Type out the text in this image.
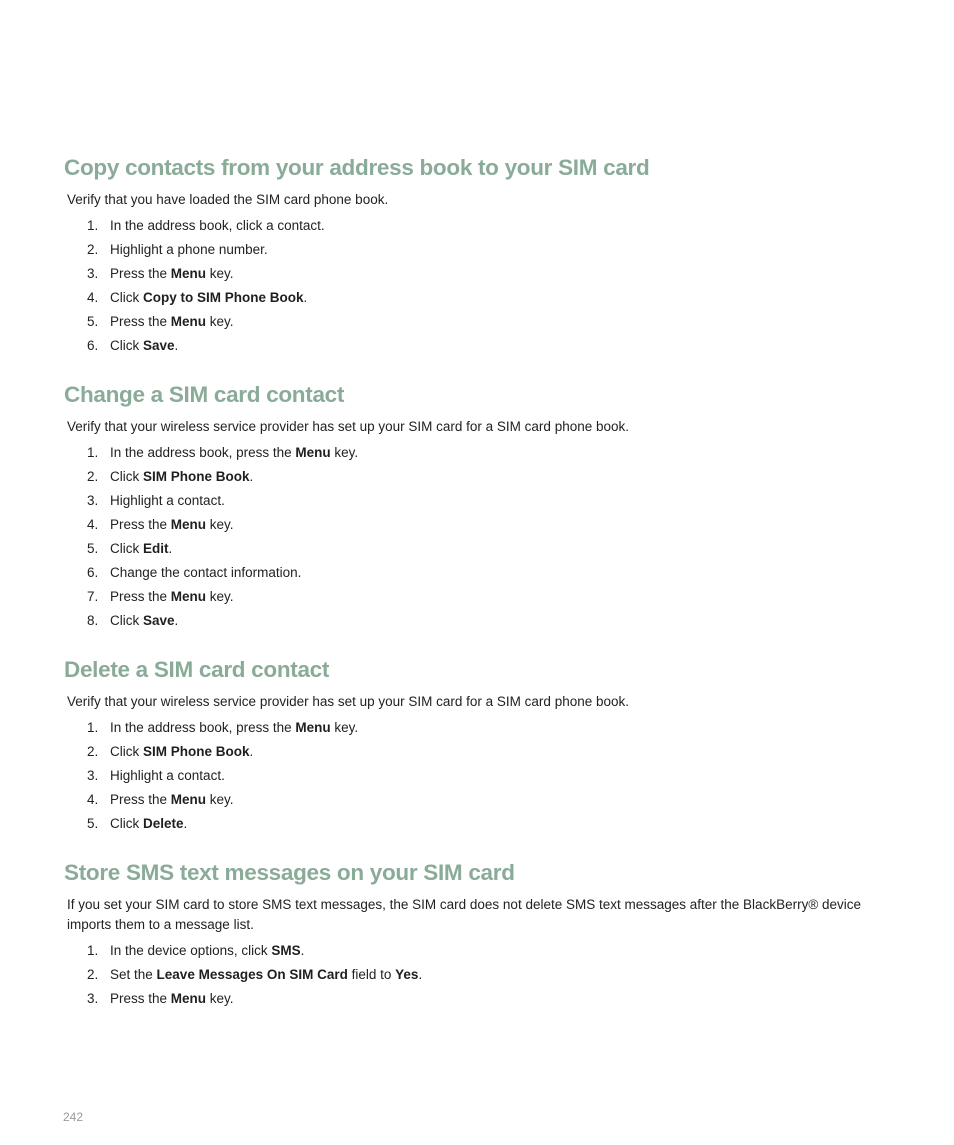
Copy contacts from your address book to your SIM card

Verify that you have loaded the SIM card phone book.

1. In the address book, click a contact.
2. Highlight a phone number.
3. Press the Menu key.
4. Click Copy to SIM Phone Book.
5. Press the Menu key.
6. Click Save.
Change a SIM card contact

Verify that your wireless service provider has set up your SIM card for a SIM card phone book.

1. In the address book, press the Menu key.
2. Click SIM Phone Book.
3. Highlight a contact.
4. Press the Menu key.
5. Click Edit.
6. Change the contact information.
7. Press the Menu key.
8. Click Save.
Delete a SIM card contact

Verify that your wireless service provider has set up your SIM card for a SIM card phone book.

1. In the address book, press the Menu key.
2. Click SIM Phone Book.
3. Highlight a contact.
4. Press the Menu key.
5. Click Delete.
Store SMS text messages on your SIM card

If you set your SIM card to store SMS text messages, the SIM card does not delete SMS text messages after the BlackBerry® device imports them to a message list.

1. In the device options, click SMS.
2. Set the Leave Messages On SIM Card field to Yes.
3. Press the Menu key.
242
